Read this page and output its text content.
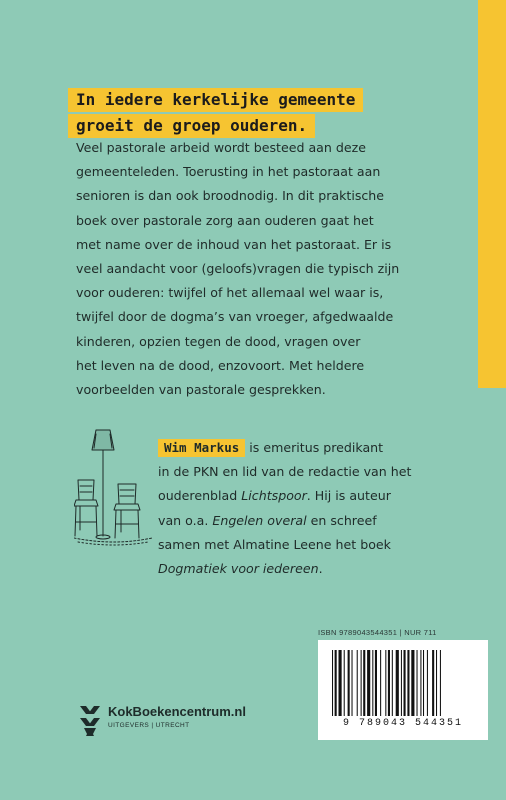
In iedere kerkelijke gemeente
groeit de groep ouderen.
Veel pastorale arbeid wordt besteed aan deze
gemeenteleden. Toerusting in het pastoraat aan
senioren is dan ook broodnodig. In dit praktische
boek over pastorale zorg aan ouderen gaat het
met name over de inhoud van het pastoraat. Er is
veel aandacht voor (geloofs)vragen die typisch zijn
voor ouderen: twijfel of het allemaal wel waar is,
twijfel door de dogma’s van vroeger, afgedwaalde
kinderen, opzien tegen de dood, vragen over
het leven na de dood, enzovoort. Met heldere
voorbeelden van pastorale gesprekken.
Wim Markus is emeritus predikant
in de PKN en lid van de redactie van het
ouderenblad Lichtspoor. Hij is auteur
van o.a. Engelen overal en schreef
samen met Almatine Leene het boek
Dogmatiek voor iedereen.
ISBN 9789043544351 | NUR 711
9 789043 544351
KokBoekencentrum.nl
UITGEVERS | UTRECHT
